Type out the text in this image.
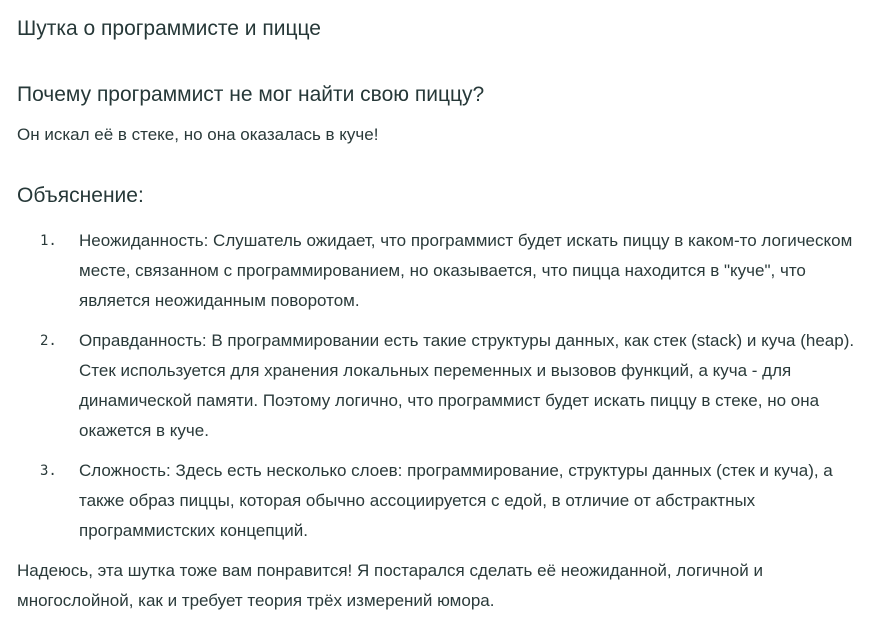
Шутка о программисте и пицце
Почему программист не мог найти свою пиццу?
Он искал её в стеке, но она оказалась в куче!
Объяснение:
1. Неожиданность: Слушатель ожидает, что программист будет искать пиццу в каком-то логическом месте, связанном с программированием, но оказывается, что пицца находится в "куче", что является неожиданным поворотом.
2. Оправданность: В программировании есть такие структуры данных, как стек (stack) и куча (heap). Стек используется для хранения локальных переменных и вызовов функций, а куча - для динамической памяти. Поэтому логично, что программист будет искать пиццу в стеке, но она окажется в куче.
3. Сложность: Здесь есть несколько слоев: программирование, структуры данных (стек и куча), а также образ пиццы, которая обычно ассоциируется с едой, в отличие от абстрактных программистских концепций.
Надеюсь, эта шутка тоже вам понравится! Я постарался сделать её неожиданной, логичной и многослойной, как и требует теория трёх измерений юмора.
